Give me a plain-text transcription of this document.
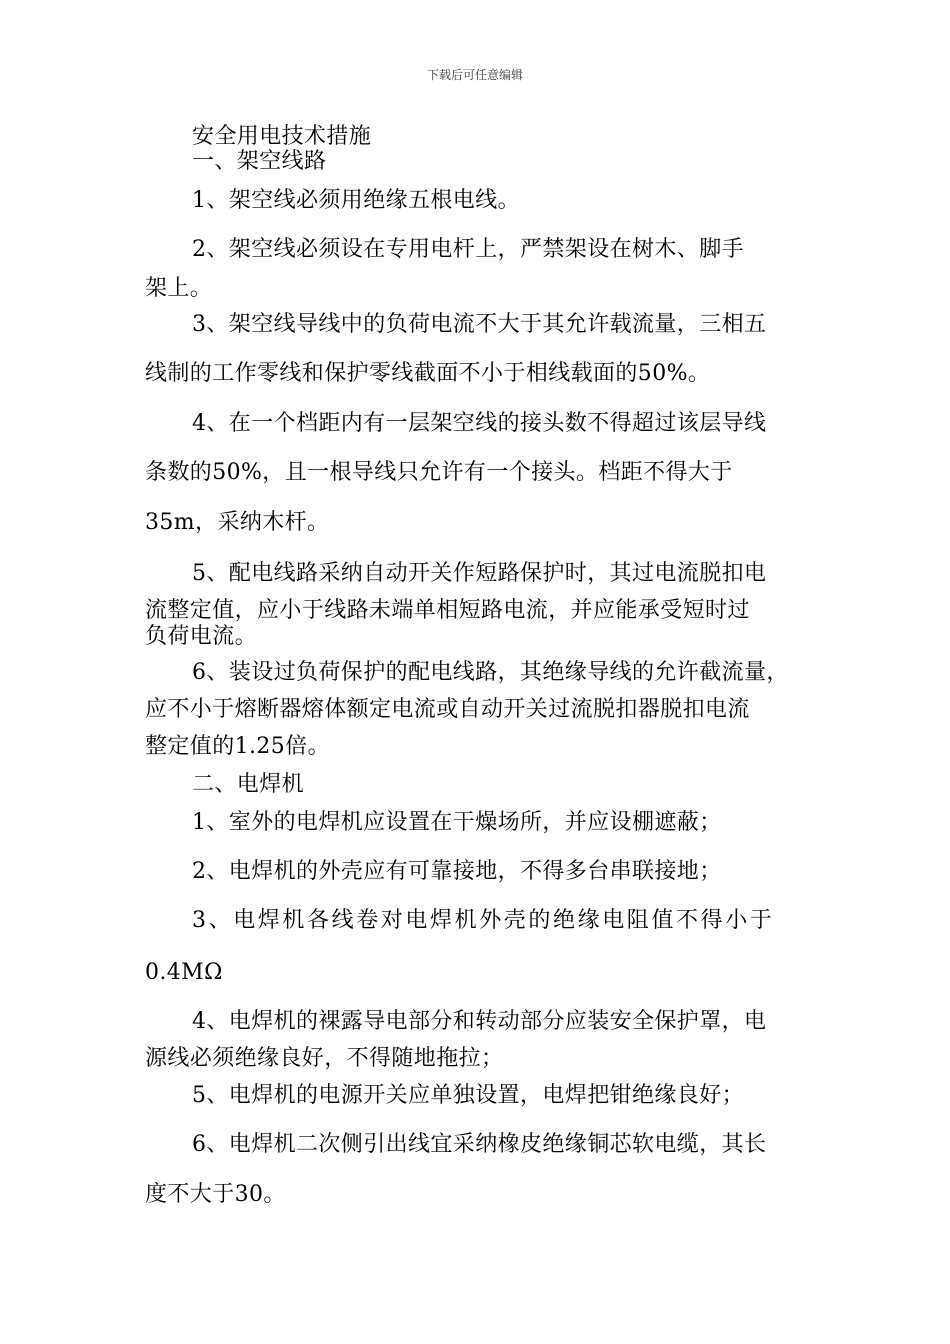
下载后可任意编辑
安全用电技术措施
一、架空线路
1、架空线必须用绝缘五根电线。
2、架空线必须设在专用电杆上，严禁架设在树木、脚手
架上。
3、架空线导线中的负荷电流不大于其允许载流量，三相五
线制的工作零线和保护零线截面不小于相线载面的50%。
4、在一个档距内有一层架空线的接头数不得超过该层导线
条数的50%，且一根导线只允许有一个接头。档距不得大于
35m，采纳木杆。
5、配电线路采纳自动开关作短路保护时，其过电流脱扣电
流整定值，应小于线路未端单相短路电流，并应能承受短时过
负荷电流。
6、装设过负荷保护的配电线路，其绝缘导线的允许截流量，
应不小于熔断器熔体额定电流或自动开关过流脱扣器脱扣电流
整定值的1.25倍。
二、电焊机
1、室外的电焊机应设置在干燥场所，并应设棚遮蔽；
2、电焊机的外壳应有可靠接地，不得多台串联接地；
3、电焊机各线卷对电焊机外壳的绝缘电阻值不得小于
0.4MΩ
4、电焊机的裸露导电部分和转动部分应装安全保护罩，电
源线必须绝缘良好，不得随地拖拉；
5、电焊机的电源开关应单独设置，电焊把钳绝缘良好；
6、电焊机二次侧引出线宜采纳橡皮绝缘铜芯软电缆，其长
度不大于30。
